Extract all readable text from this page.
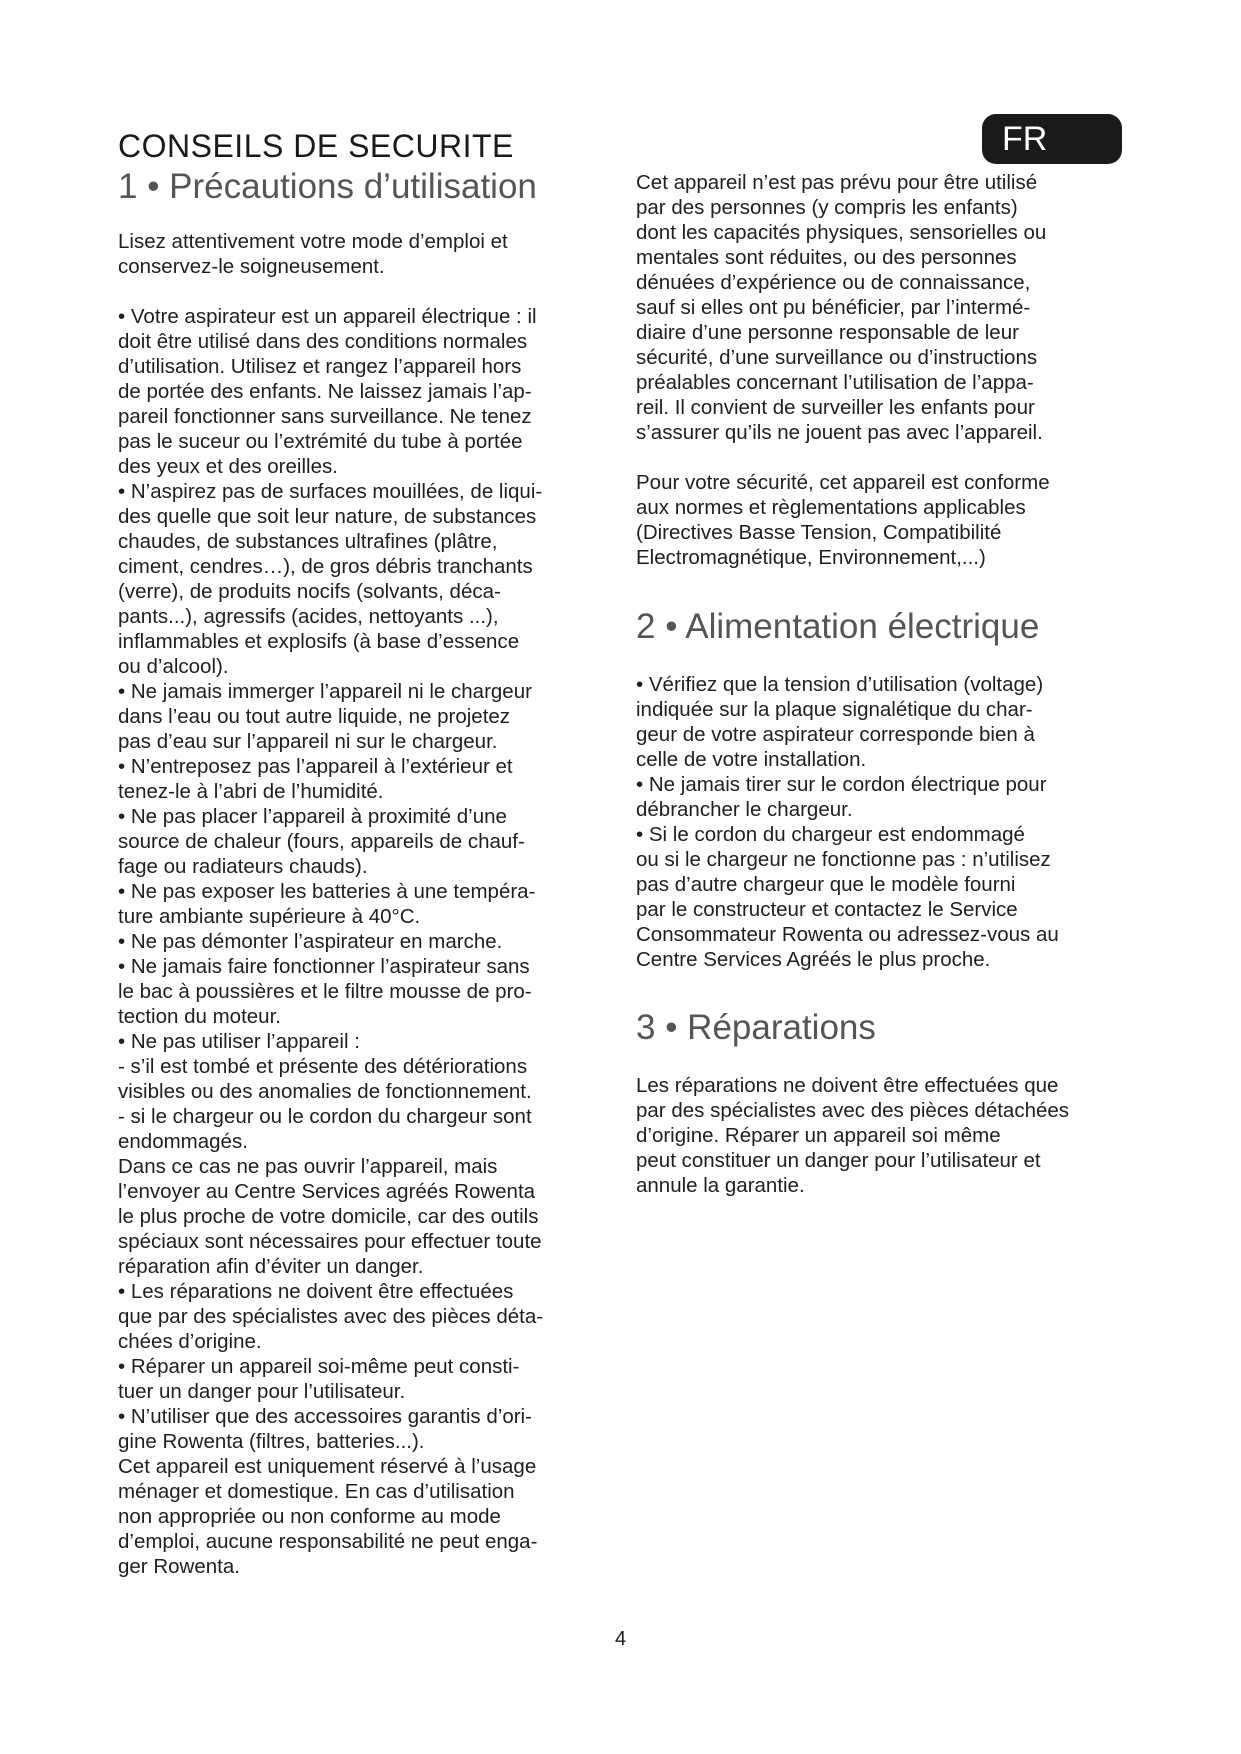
CONSEILS DE SECURITE	FR
1 • Précautions d’utilisation

Lisez attentivement votre mode d’emploi et
conservez-le soigneusement.

• Votre aspirateur est un appareil électrique : il
doit être utilisé dans des conditions normales
d’utilisation. Utilisez et rangez l’appareil hors
de portée des enfants. Ne laissez jamais l’ap-
pareil fonctionner sans surveillance. Ne tenez
pas le suceur ou l’extrémité du tube à portée
des yeux et des oreilles.
• N’aspirez pas de surfaces mouillées, de liqui-
des quelle que soit leur nature, de substances
chaudes, de substances ultrafines (plâtre,
ciment, cendres…), de gros débris tranchants
(verre), de produits nocifs (solvants, déca-
pants...), agressifs (acides, nettoyants ...),
inflammables et explosifs (à base d’essence
ou d’alcool).
• Ne jamais immerger l’appareil ni le chargeur
dans l’eau ou tout autre liquide, ne projetez
pas d’eau sur l’appareil ni sur le chargeur.
• N’entreposez pas l’appareil à l’extérieur et
tenez-le à l’abri de l’humidité.
• Ne pas placer l’appareil à proximité d’une
source de chaleur (fours, appareils de chauf-
fage ou radiateurs chauds).
• Ne pas exposer les batteries à une tempéra-
ture ambiante supérieure à 40°C.
• Ne pas démonter l’aspirateur en marche.
• Ne jamais faire fonctionner l’aspirateur sans
le bac à poussières et le filtre mousse de pro-
tection du moteur.
• Ne pas utiliser l’appareil :
- s’il est tombé et présente des détériorations
visibles ou des anomalies de fonctionnement.
- si le chargeur ou le cordon du chargeur sont
endommagés.
Dans ce cas ne pas ouvrir l’appareil, mais
l’envoyer au Centre Services agréés Rowenta
le plus proche de votre domicile, car des outils
spéciaux sont nécessaires pour effectuer toute
réparation afin d’éviter un danger.
• Les réparations ne doivent être effectuées
que par des spécialistes avec des pièces déta-
chées d’origine.
• Réparer un appareil soi-même peut consti-
tuer un danger pour l’utilisateur.
• N’utiliser que des accessoires garantis d’ori-
gine Rowenta (filtres, batteries...).
Cet appareil est uniquement réservé à l’usage
ménager et domestique. En cas d’utilisation
non appropriée ou non conforme au mode
d’emploi, aucune responsabilité ne peut enga-
ger Rowenta.

Cet appareil n’est pas prévu pour être utilisé
par des personnes (y compris les enfants)
dont les capacités physiques, sensorielles ou
mentales sont réduites, ou des personnes
dénuées d’expérience ou de connaissance,
sauf si elles ont pu bénéficier, par l’intermé-
diaire d’une personne responsable de leur
sécurité, d’une surveillance ou d’instructions
préalables concernant l’utilisation de l’appa-
reil. Il convient de surveiller les enfants pour
s’assurer qu’ils ne jouent pas avec l’appareil.

Pour votre sécurité, cet appareil est conforme
aux normes et règlementations applicables
(Directives Basse Tension, Compatibilité
Electromagnétique, Environnement,...)

2 • Alimentation électrique

• Vérifiez que la tension d’utilisation (voltage)
indiquée sur la plaque signalétique du char-
geur de votre aspirateur corresponde bien à
celle de votre installation.
• Ne jamais tirer sur le cordon électrique pour
débrancher le chargeur.
• Si le cordon du chargeur est endommagé
ou si le chargeur ne fonctionne pas : n’utilisez
pas d’autre chargeur que le modèle fourni
par le constructeur et contactez le Service
Consommateur Rowenta ou adressez-vous au
Centre Services Agréés le plus proche.

3 • Réparations

Les réparations ne doivent être effectuées que
par des spécialistes avec des pièces détachées
d’origine. Réparer un appareil soi même
peut constituer un danger pour l’utilisateur et
annule la garantie.

4
